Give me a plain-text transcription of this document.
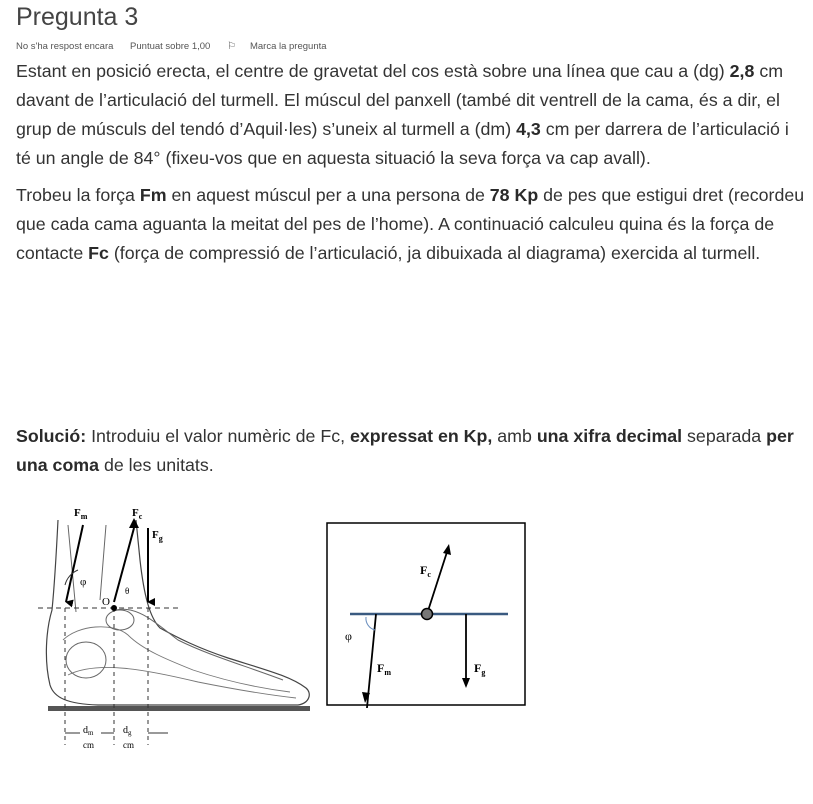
Pregunta 3
No s'ha respost encara Puntuat sobre 1,00 ⚐ Marca la pregunta
Estant en posició erecta, el centre de gravetat del cos està sobre una línea que cau a (dg) 2,8 cm davant de l’articulació del turmell. El múscul del panxell (també dit ventrell de la cama, és a dir, el grup de músculs del tendó d’Aquil·les) s’uneix al turmell a (dm) 4,3 cm per darrera de l’articulació i té un angle de 84° (fixeu-vos que en aquesta situació la seva força va cap avall).
Trobeu la força Fm en aquest múscul per a una persona de 78 Kp de pes que estigui dret (recordeu que cada cama aguanta la meitat del pes de l’home). A continuació calculeu quina és la força de contacte Fc (força de compressió de l’articulació, ja dibuixada al diagrama) exercida al turmell.
Solució: Introduiu el valor numèric de Fc, expressat en Kp, amb una xifra decimal separada per una coma de les unitats.
$F_m$	$F_c$
$F_g$
φ
O
θ
$d_m$	$d_g$
cm	cm
$F_c$
$F_m$	$F_g$
φ
